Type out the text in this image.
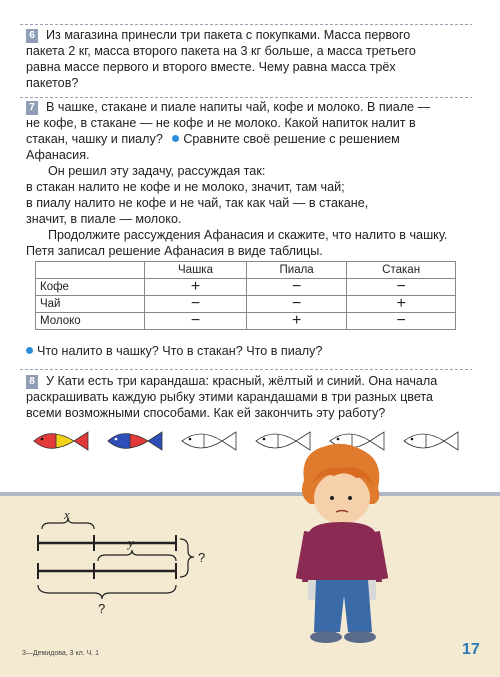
6 Из магазина принесли три пакета с покупками. Масса первого
пакета 2 кг, масса второго пакета на 3 кг больше, а масса третьего
равна массе первого и второго вместе. Чему равна масса трёх
пакетов?
7 В чашке, стакане и пиале напиты чай, кофе и молоко. В пиале —
не кофе, в стакане — не кофе и не молоко. Какой напиток налит в
стакан, чашку и пиалу? Сравните своё решение с решением
Афанасия.
Он решил эту задачу, рассуждая так:
в стакан налито не кофе и не молоко, значит, там чай;
в пиалу налито не кофе и не чай, так как чай — в стакане,
значит, в пиале — молоко.
Продолжите рассуждения Афанасия и скажите, что налито в чашку.
Петя записал решение Афанасия в виде таблицы.
	Чашка	Пиала	Стакан
Кофе	+	−	−
Чай	−	−	+
Молоко	−	+	−
Что налито в чашку? Что в стакан? Что в пиалу?
8 У Кати есть три карандаша: красный, жёлтый и синий. Она начала
раскрашивать каждую рыбку этими карандашами в три разных цвета
всеми возможными способами. Как ей закончить эту работу?
x
y
?
?
3—Демидова, 3 кл. Ч. 1	17
